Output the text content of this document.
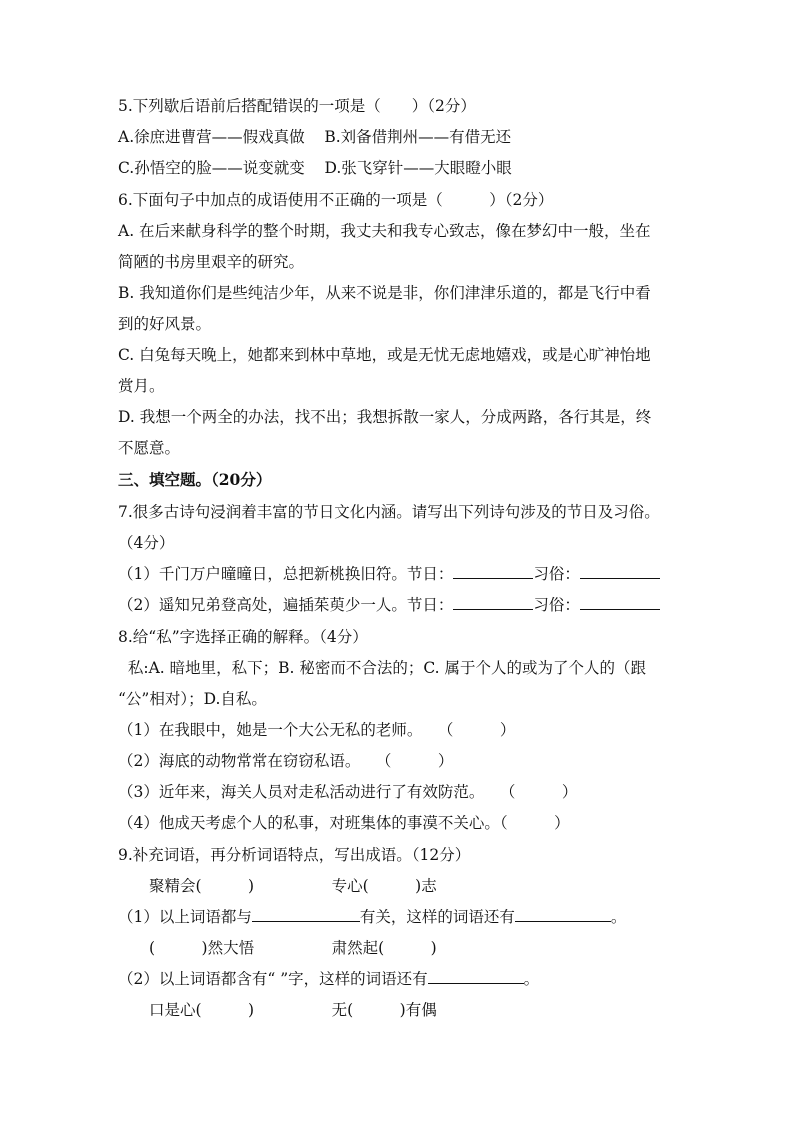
5.下列歇后语前后搭配错误的一项是（　　）（2分）
A.徐庶进曹营——假戏真做 B.刘备借荆州——有借无还
C.孙悟空的脸——说变就变 D.张飞穿针——大眼瞪小眼
6.下面句子中加点的成语使用不正确的一项是（　　　）（2分）
A. 在后来献身科学的整个时期，我丈夫和我专心致志，像在梦幻中一般，坐在
简陋的书房里艰辛的研究。
B. 我知道你们是些纯洁少年，从来不说是非，你们津津乐道的，都是飞行中看
到的好风景。
C. 白兔每天晚上，她都来到林中草地，或是无忧无虑地嬉戏，或是心旷神怡地
赏月。
D. 我想一个两全的办法，找不出；我想拆散一家人，分成两路，各行其是，终
不愿意。
三、填空题。（20分）
7.很多古诗句浸润着丰富的节日文化内涵。请写出下列诗句涉及的节日及习俗。
（4分）
（1）千门万户曈曈日，总把新桃换旧符。节日：	习俗：
（2）遥知兄弟登高处，遍插茱萸少一人。节日：	习俗：
8.给“私”字选择正确的解释。（4分）
私:A. 暗地里，私下；B. 秘密而不合法的；C. 属于个人的或为了个人的（跟
“公”相对）；D.自私。
（1）在我眼中，她是一个大公无私的老师。　　（　　　）
（2）海底的动物常常在窃窃私语。　　（　　　）
（3）近年来，海关人员对走私活动进行了有效防范。　　（　　　）
（4）他成天考虑个人的私事，对班集体的事漠不关心。（　　　）
9.补充词语，再分析词语特点，写出成语。（12分）
　　聚精会(　　　)　　　　　专心(　　　)志
（1）以上词语都与	有关，这样的词语还有	。
　　(　　　)然大悟　　　　　肃然起(　　　)
（2）以上词语都含有“ ”字，这样的词语还有	。
　　口是心(　　　)　　　　　无(　　　)有偶
